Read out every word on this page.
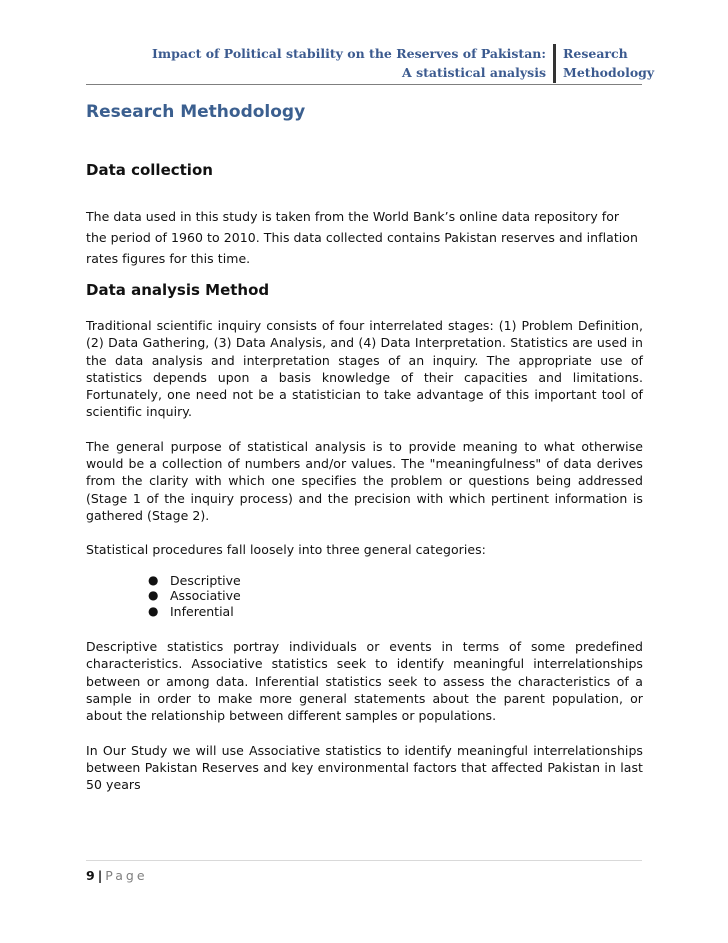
Impact of Political stability on the Reserves of Pakistan:
A statistical analysis
Research
Methodology
Research Methodology
Data collection

The data used in this study is taken from the World Bank’s online data repository for the period of 1960 to 2010. This data collected contains Pakistan reserves and inflation rates figures for this time.

Data analysis Method

Traditional scientific inquiry consists of four interrelated stages: (1) Problem Definition, (2) Data Gathering, (3) Data Analysis, and (4) Data Interpretation. Statistics are used in the data analysis and interpretation stages of an inquiry. The appropriate use of statistics depends upon a basis knowledge of their capacities and limitations. Fortunately, one need not be a statistician to take advantage of this important tool of scientific inquiry.

The general purpose of statistical analysis is to provide meaning to what otherwise would be a collection of numbers and/or values. The "meaningfulness" of data derives from the clarity with which one specifies the problem or questions being addressed (Stage 1 of the inquiry process) and the precision with which pertinent information is gathered (Stage 2).

Statistical procedures fall loosely into three general categories:

● Descriptive
● Associative
● Inferential

Descriptive statistics portray individuals or events in terms of some predefined characteristics. Associative statistics seek to identify meaningful interrelationships between or among data. Inferential statistics seek to assess the characteristics of a sample in order to make more general statements about the parent population, or about the relationship between different samples or populations.

In Our Study we will use Associative statistics to identify meaningful interrelationships between Pakistan Reserves and key environmental factors that affected Pakistan in last 50 years

9 | Page
